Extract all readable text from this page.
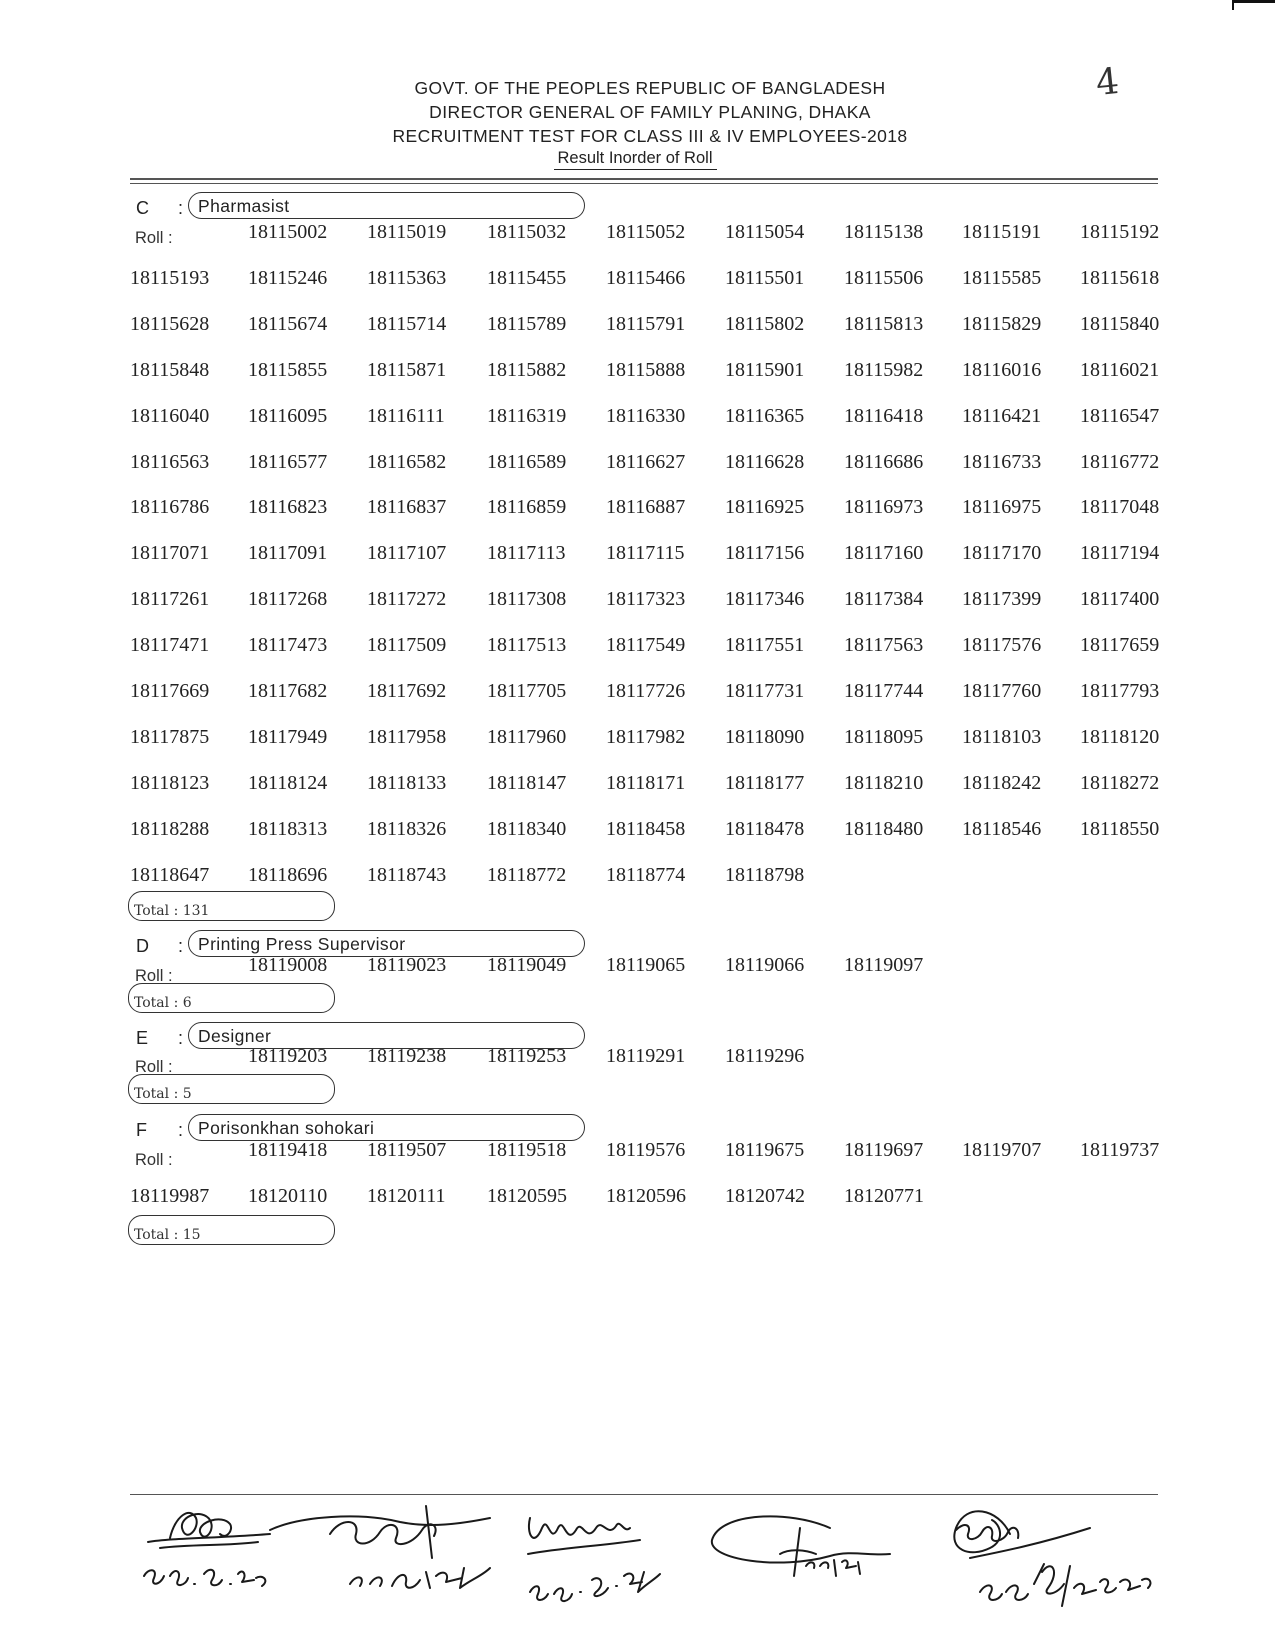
4
GOVT. OF THE PEOPLES REPUBLIC OF BANGLADESH
DIRECTOR GENERAL OF FAMILY PLANING, DHAKA
RECRUITMENT TEST FOR CLASS III & IV EMPLOYEES-2018
Result Inorder of Roll
C : Pharmasist
Roll :	18115002 18115019 18115032 18115052 18115054 18115138 18115191 18115192
18115193 18115246 18115363 18115455 18115466 18115501 18115506 18115585 18115618
18115628 18115674 18115714 18115789 18115791 18115802 18115813 18115829 18115840
18115848 18115855 18115871 18115882 18115888 18115901 18115982 18116016 18116021
18116040 18116095 18116111 18116319 18116330 18116365 18116418 18116421 18116547
18116563 18116577 18116582 18116589 18116627 18116628 18116686 18116733 18116772
18116786 18116823 18116837 18116859 18116887 18116925 18116973 18116975 18117048
18117071 18117091 18117107 18117113 18117115 18117156 18117160 18117170 18117194
18117261 18117268 18117272 18117308 18117323 18117346 18117384 18117399 18117400
18117471 18117473 18117509 18117513 18117549 18117551 18117563 18117576 18117659
18117669 18117682 18117692 18117705 18117726 18117731 18117744 18117760 18117793
18117875 18117949 18117958 18117960 18117982 18118090 18118095 18118103 18118120
18118123 18118124 18118133 18118147 18118171 18118177 18118210 18118242 18118272
18118288 18118313 18118326 18118340 18118458 18118478 18118480 18118546 18118550
18118647 18118696 18118743 18118772 18118774 18118798
Total : 131
D : Printing Press Supervisor
Roll :	18119008 18119023 18119049 18119065 18119066 18119097
Total : 6
E : Designer
Roll :	18119203 18119238 18119253 18119291 18119296
Total : 5
F : Porisonkhan sohokari
Roll :	18119418 18119507 18119518 18119576 18119675 18119697 18119707 18119737
18119987 18120110 18120111 18120595 18120596 18120742 18120771
Total : 15
